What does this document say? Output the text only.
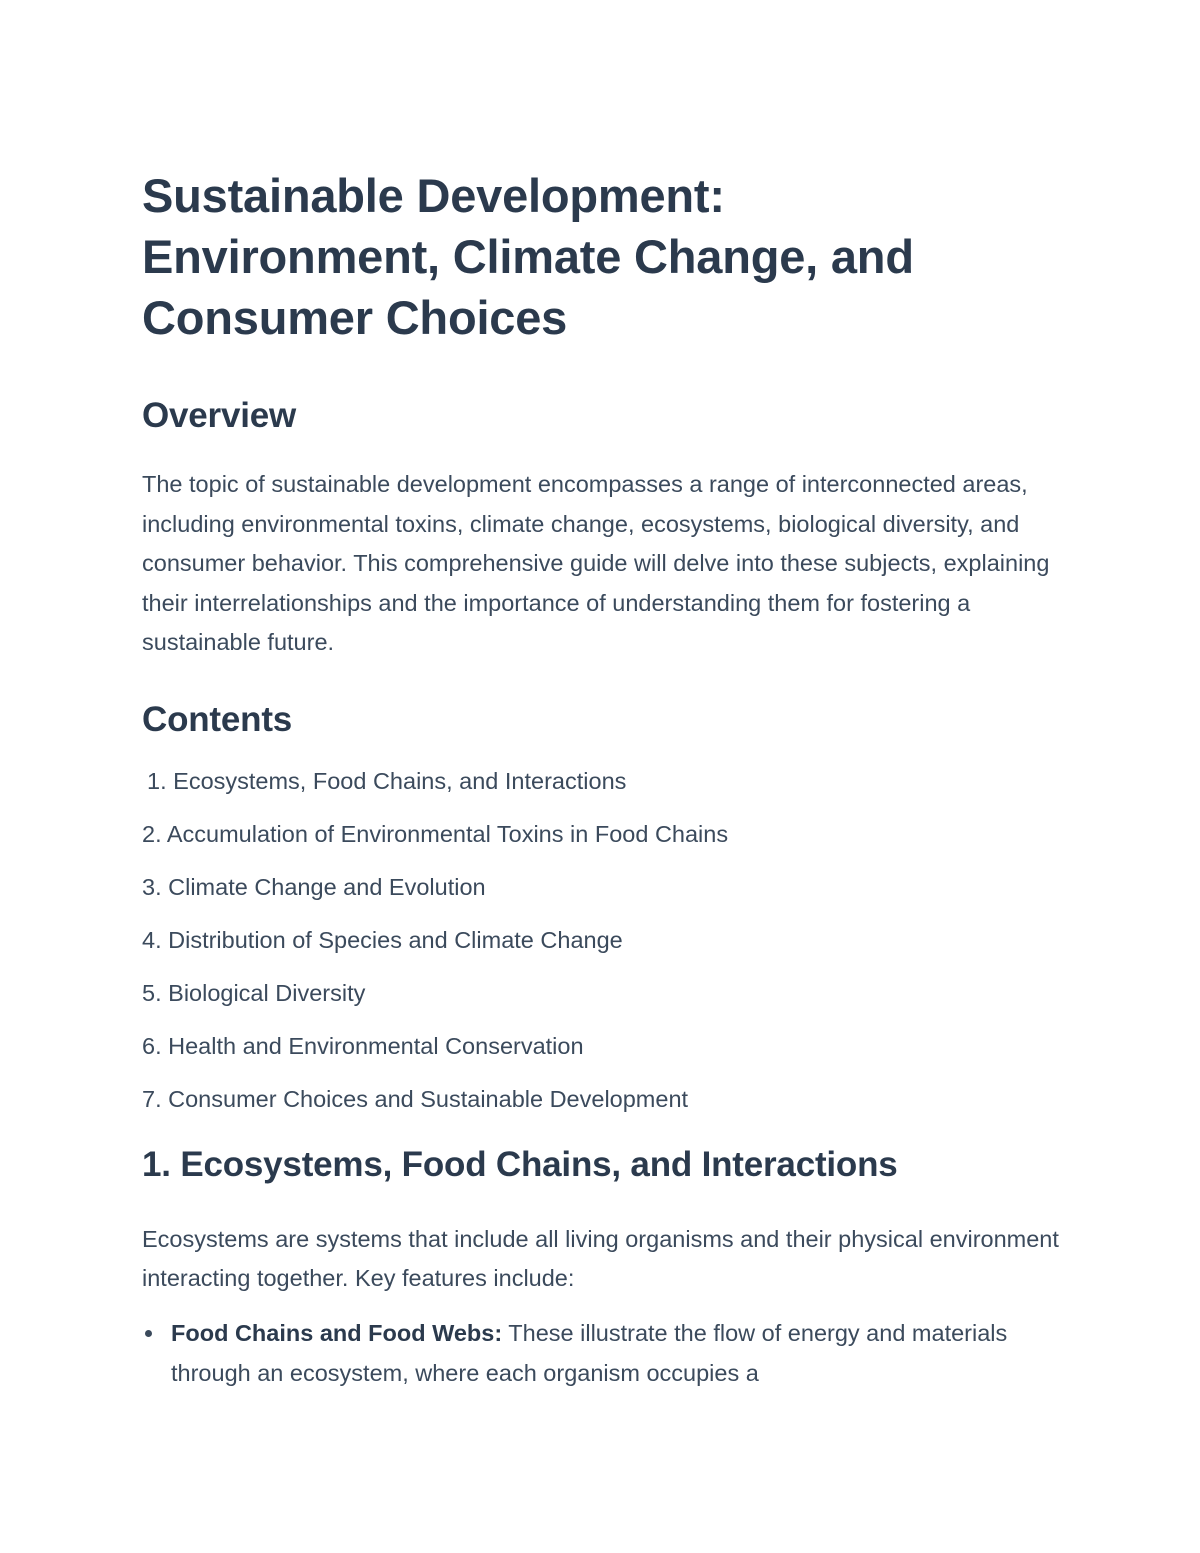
Sustainable Development:
Environment, Climate Change, and
Consumer Choices
Overview

The topic of sustainable development encompasses a range of interconnected areas, including environmental toxins, climate change, ecosystems, biological diversity, and consumer behavior. This comprehensive guide will delve into these subjects, explaining their interrelationships and the importance of understanding them for fostering a sustainable future.

Contents
1. Ecosystems, Food Chains, and Interactions
2. Accumulation of Environmental Toxins in Food Chains
3. Climate Change and Evolution
4. Distribution of Species and Climate Change
5. Biological Diversity
6. Health and Environmental Conservation
7. Consumer Choices and Sustainable Development
1. Ecosystems, Food Chains, and Interactions

Ecosystems are systems that include all living organisms and their physical environment interacting together. Key features include:

Food Chains and Food Webs: These illustrate the flow of energy and materials through an ecosystem, where each organism occupies a
